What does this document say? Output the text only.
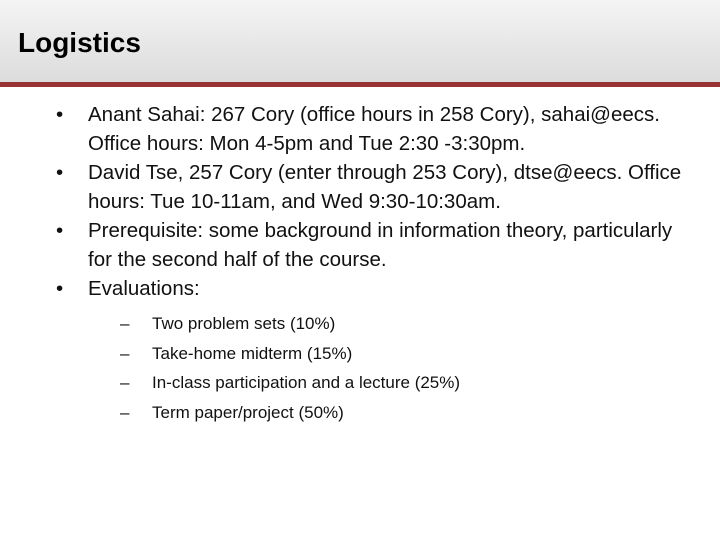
Logistics
•	Anant Sahai: 267 Cory (office hours in 258 Cory), sahai@eecs. Office hours: Mon 4-5pm and Tue 2:30 -3:30pm.
•	David Tse, 257 Cory (enter through 253 Cory), dtse@eecs. Office hours: Tue 10-11am, and Wed 9:30-10:30am.
•	Prerequisite: some background in information theory, particularly for the second half of the course.
•	Evaluations:
–	Two problem sets (10%)
–	Take-home midterm (15%)
–	In-class participation and a lecture (25%)
–	Term paper/project (50%)
